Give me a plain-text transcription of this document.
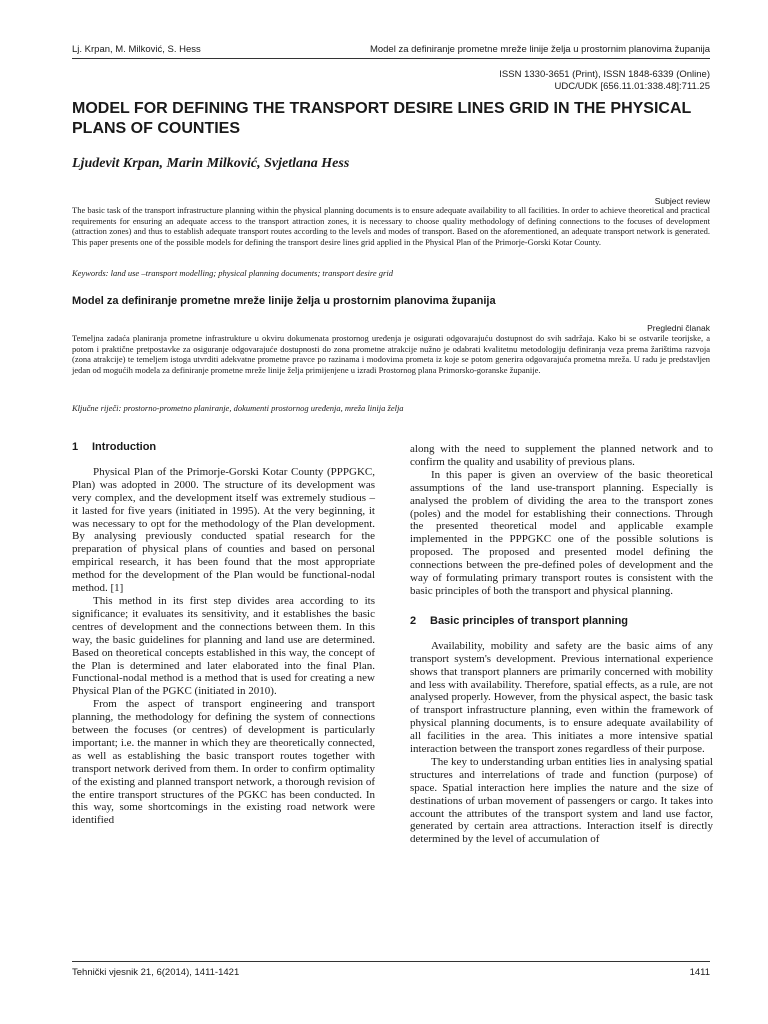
Lj. Krpan, M. Milković, S. Hess	Model za definiranje prometne mreže linije želja u prostornim planovima županija
ISSN 1330-3651 (Print), ISSN 1848-6339 (Online)
UDC/UDK [656.11.01:338.48]:711.25
MODEL FOR DEFINING THE TRANSPORT DESIRE LINES GRID IN THE PHYSICAL PLANS OF COUNTIES
Ljudevit Krpan, Marin Milković, Svjetlana Hess
Subject review

The basic task of the transport infrastructure planning within the physical planning documents is to ensure adequate availability to all facilities. In order to achieve theoretical and practical requirements for ensuring an adequate access to the transport attraction zones, it is necessary to choose quality methodology of defining connections to the focuses of development (attraction zones) and thus to establish adequate transport routes according to the levels and modes of transport. Based on the aforementioned, an adequate transport network is generated. This paper presents one of the possible models for defining the transport desire lines grid applied in the Physical Plan of the Primorje-Gorski Kotar County.

Keywords: land use –transport modelling; physical planning documents; transport desire grid
Model za definiranje prometne mreže linije želja u prostornim planovima županija
Pregledni članak

Temeljna zadaća planiranja prometne infrastrukture u okviru dokumenata prostornog uređenja je osigurati odgovarajuću dostupnost do svih sadržaja. Kako bi se ostvarile teorijske, a potom i praktične pretpostavke za osiguranje odgovarajuće dostupnosti do zona prometne atrakcije nužno je odabrati kvalitetnu metodologiju definiranja veza prema žarištima razvoja (zona atrakcije) te temeljem istoga utvrditi adekvatne prometne pravce po razinama i modovima prometa iz koje se potom generira odgovarajuća prometna mreža. U radu je predstavljen jedan od mogućih modela za definiranje prometne mreže linije želja primijenjene u izradi Prostornog plana Primorsko-goranske županije.

Ključne riječi: prostorno-prometno planiranje, dokumenti prostornog uređenja, mreža linija želja
1 Introduction

Physical Plan of the Primorje-Gorski Kotar County (PPPGKC, Plan) was adopted in 2000. The structure of its development was very complex, and the development itself was extremely studious – it lasted for five years (initiated in 1995). At the very beginning, it was necessary to opt for the methodology of the Plan development. By analysing previously conducted spatial research for the preparation of physical plans of counties and based on personal empirical research, it has been found that the most appropriate method for the development of the Plan would be functional-nodal method. [1]

This method in its first step divides area according to its significance; it evaluates its sensitivity, and it establishes the basic centres of development and the connections between them. In this way, the basic guidelines for planning and land use are determined. Based on theoretical concepts established in this way, the concept of the Plan is determined and later elaborated into the final Plan. Functional-nodal method is a method that is used for creating a new Physical Plan of the PGKC (initiated in 2010).

From the aspect of transport engineering and transport planning, the methodology for defining the system of connections between the focuses (or centres) of development is particularly important; i.e. the manner in which they are theoretically connected, as well as establishing the basic transport routes together with transport network derived from them. In order to confirm optimality of the existing and planned transport network, a thorough revision of the entire transport structures of the PGKC has been conducted. In this way, some shortcomings in the existing road network were identified

along with the need to supplement the planned network and to confirm the quality and usability of previous plans.

In this paper is given an overview of the basic theoretical assumptions of the land use-transport planning. Especially is analysed the problem of dividing the area to the transport zones (poles) and the model for establishing their connections. Through the presented theoretical model and applicable example implemented in the PPPGKC one of the possible solutions is proposed. The proposed and presented model defining the connections between the pre-defined poles of development and the way of formulating primary transport routes is consistent with the basic principles of both the transport and physical planning.

2 Basic principles of transport planning

Availability, mobility and safety are the basic aims of any transport system's development. Previous international experience shows that transport planners are primarily concerned with mobility and less with availability. Therefore, spatial effects, as a rule, are not analysed properly. However, from the physical aspect, the basic task of transport infrastructure planning, even within the framework of physical planning documents, is to ensure adequate availability of all facilities in the area. This initiates a more intensive spatial interaction between the transport zones regardless of their purpose.

The key to understanding urban entities lies in analysing spatial structures and interrelations of trade and function (purpose) of space. Spatial interaction here implies the nature and the size of destinations of urban movement of passengers or cargo. It takes into account the attributes of the transport system and land use factor, generated by certain area attractions. Interaction itself is directly determined by the level of accumulation of

Tehnički vjesnik 21, 6(2014), 1411-1421	1411
